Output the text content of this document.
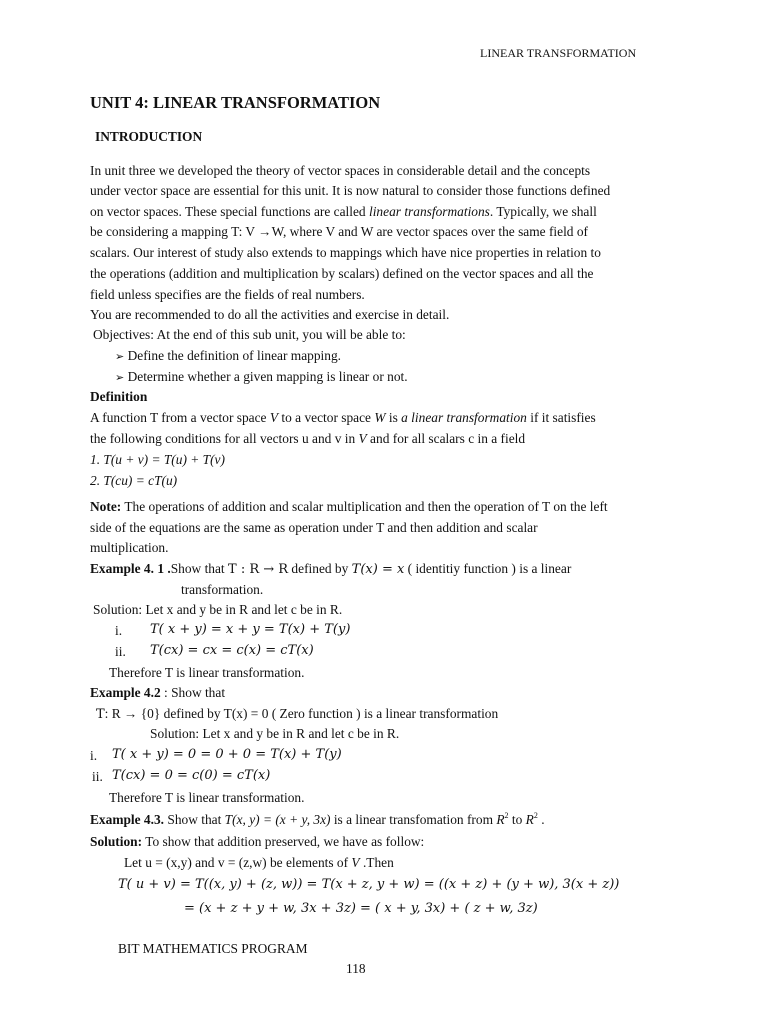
LINEAR TRANSFORMATION
UNIT 4: LINEAR TRANSFORMATION
INTRODUCTION
In unit three we developed the theory of vector spaces in considerable detail and the concepts
under vector space are essential for this unit. It is now natural to consider those functions defined
on vector spaces. These special functions are called linear transformations. Typically, we shall
be considering a mapping T: V →W, where V and W are vector spaces over the same field of
scalars. Our interest of study also extends to mappings which have nice properties in relation to
the operations (addition and multiplication by scalars) defined on the vector spaces and all the
field unless specifies are the fields of real numbers.
You are recommended to do all the activities and exercise in detail.
Objectives: At the end of this sub unit, you will be able to:
➢ Define the definition of linear mapping.
➢ Determine whether a given mapping is linear or not.
Definition
A function T from a vector space V to a vector space W is a linear transformation if it satisfies
the following conditions for all vectors u and v in V and for all scalars c in a field
1. T(u + v) = T(u) + T(v)
2. T(cu) = cT(u)
Note: The operations of addition and scalar multiplication and then the operation of T on the left
side of the equations are the same as operation under T and then addition and scalar
multiplication.
Example 4. 1 .Show that T : R → R defined by T(x) = x ( identitiy function ) is a linear
transformation.
Solution: Let x and y be in R and let c be in R.
i. T( x + y) = x + y = T(x) + T(y)
ii. T(cx) = cx = c(x) = cT(x)
Therefore T is linear transformation.
Example 4.2 : Show that
T: R → {0} defined by T(x) = 0 ( Zero function ) is a linear transformation
Solution: Let x and y be in R and let c be in R.
i. T( x + y) = 0 = 0 + 0 = T(x) + T(y)
ii. T(cx) = 0 = c(0) = cT(x)
Therefore T is linear transformation.
Example 4.3. Show that T(x, y) = (x + y, 3x) is a linear transfomation from $R^2$ to $R^2$ .
Solution: To show that addition preserved, we have as follow:
Let u = (x,y) and v = (z,w) be elements of V .Then
T( u + v) = T((x, y) + (z, w)) = T(x + z, y + w) = ((x + z) + (y + w), 3(x + z))
= (x + z + y + w, 3x + 3z) = ( x + y, 3x) + ( z + w, 3z)
BIT MATHEMATICS PROGRAM
118
